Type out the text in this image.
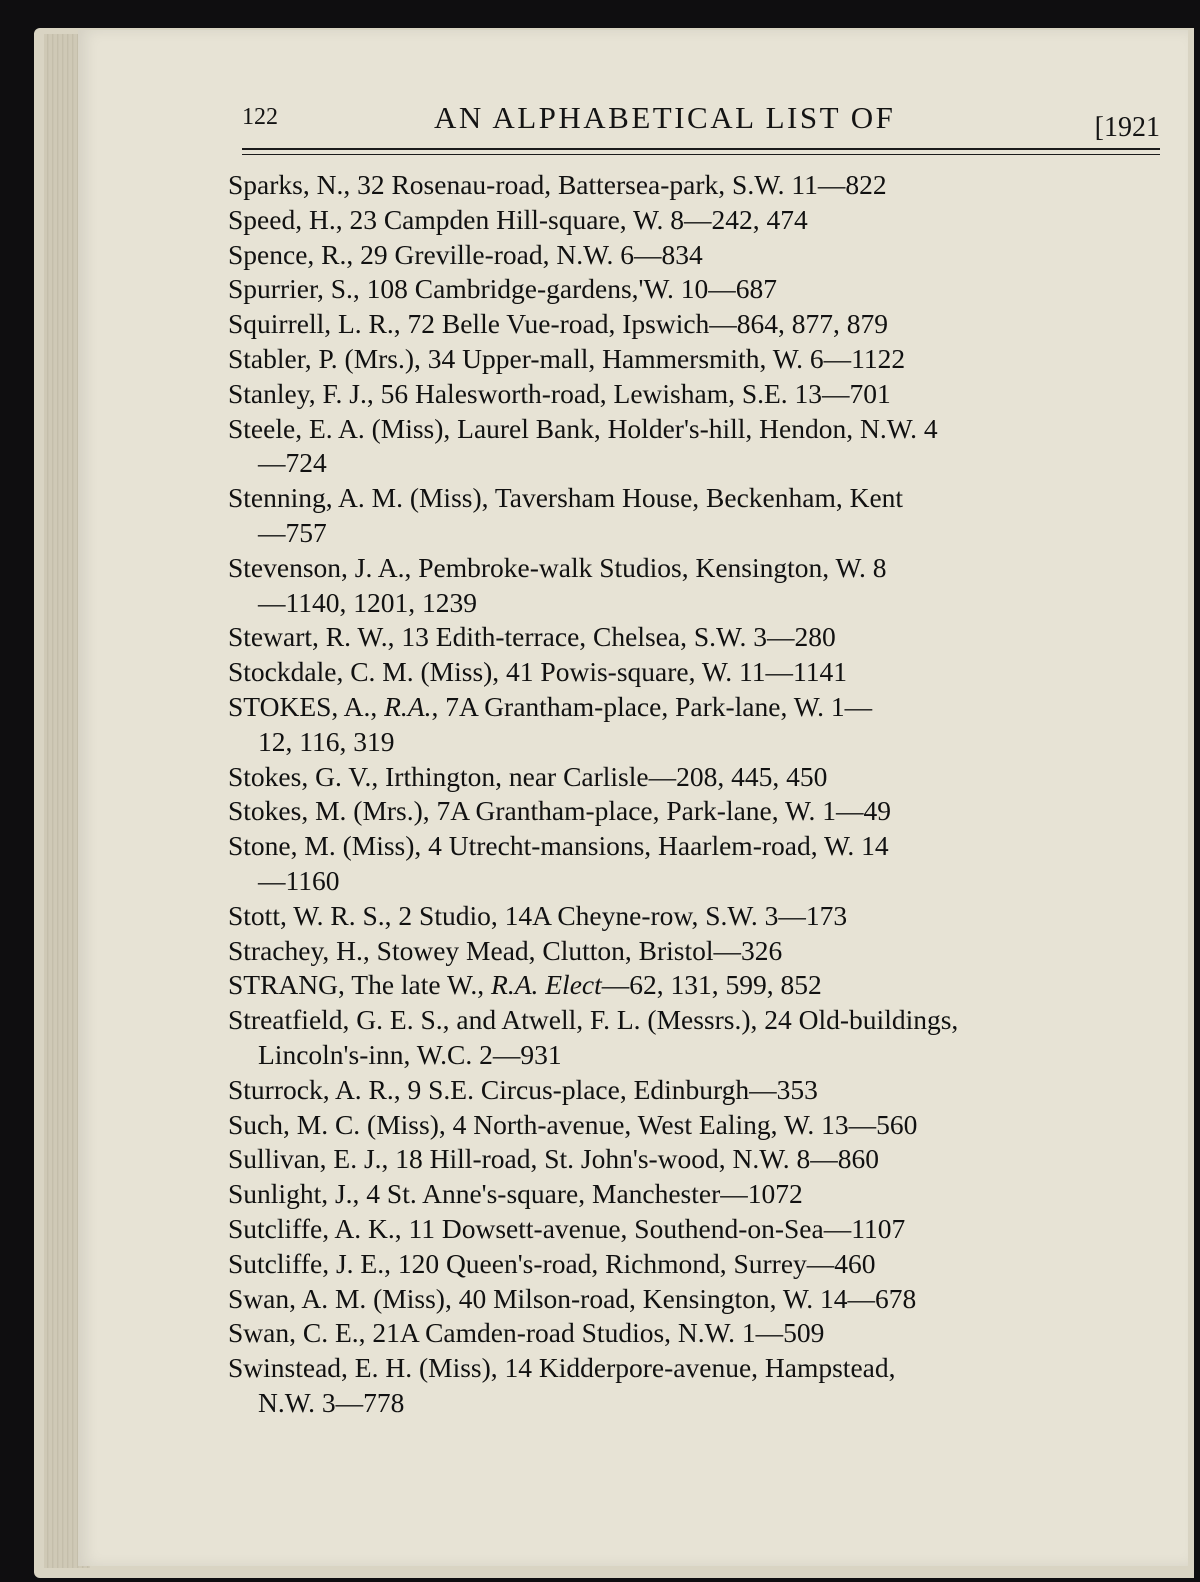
122	AN ALPHABETICAL LIST OF	[1921
Sparks, N., 32 Rosenau-road, Battersea-park, S.W. 11—822
Speed, H., 23 Campden Hill-square, W. 8—242, 474
Spence, R., 29 Greville-road, N.W. 6—834
Spurrier, S., 108 Cambridge-gardens,'W. 10—687
Squirrell, L. R., 72 Belle Vue-road, Ipswich—864, 877, 879
Stabler, P. (Mrs.), 34 Upper-mall, Hammersmith, W. 6—1122
Stanley, F. J., 56 Halesworth-road, Lewisham, S.E. 13—701
Steele, E. A. (Miss), Laurel Bank, Holder's-hill, Hendon, N.W. 4
—724
Stenning, A. M. (Miss), Taversham House, Beckenham, Kent
—757
Stevenson, J. A., Pembroke-walk Studios, Kensington, W. 8
—1140, 1201, 1239
Stewart, R. W., 13 Edith-terrace, Chelsea, S.W. 3—280
Stockdale, C. M. (Miss), 41 Powis-square, W. 11—1141
STOKES, A., R.A., 7A Grantham-place, Park-lane, W. 1—
12, 116, 319
Stokes, G. V., Irthington, near Carlisle—208, 445, 450
Stokes, M. (Mrs.), 7A Grantham-place, Park-lane, W. 1—49
Stone, M. (Miss), 4 Utrecht-mansions, Haarlem-road, W. 14
—1160
Stott, W. R. S., 2 Studio, 14A Cheyne-row, S.W. 3—173
Strachey, H., Stowey Mead, Clutton, Bristol—326
STRANG, The late W., R.A. Elect—62, 131, 599, 852
Streatfield, G. E. S., and Atwell, F. L. (Messrs.), 24 Old-buildings,
Lincoln's-inn, W.C. 2—931
Sturrock, A. R., 9 S.E. Circus-place, Edinburgh—353
Such, M. C. (Miss), 4 North-avenue, West Ealing, W. 13—560
Sullivan, E. J., 18 Hill-road, St. John's-wood, N.W. 8—860
Sunlight, J., 4 St. Anne's-square, Manchester—1072
Sutcliffe, A. K., 11 Dowsett-avenue, Southend-on-Sea—1107
Sutcliffe, J. E., 120 Queen's-road, Richmond, Surrey—460
Swan, A. M. (Miss), 40 Milson-road, Kensington, W. 14—678
Swan, C. E., 21A Camden-road Studios, N.W. 1—509
Swinstead, E. H. (Miss), 14 Kidderpore-avenue, Hampstead,
N.W. 3—778
